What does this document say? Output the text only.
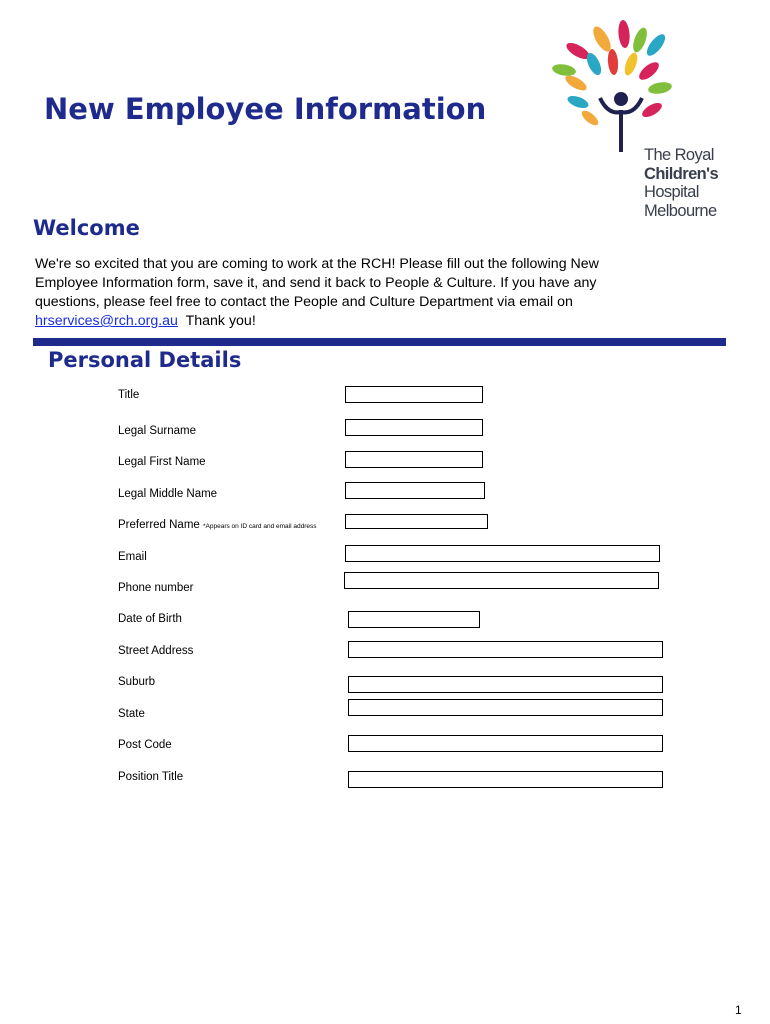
New Employee Information
The Royal
Children's
Hospital
Melbourne
Welcome

We're so excited that you are coming to work at the RCH! Please fill out the following New Employee Information form, save it, and send it back to People & Culture. If you have any questions, please feel free to contact the People and Culture Department via email on
hrservices@rch.org.au Thank you!

Personal Details
Title
Legal Surname
Legal First Name
Legal Middle Name
Preferred Name *Appears on ID card and email address
Email
Phone number
Date of Birth
Street Address
Suburb
State
Post Code
Position Title
1
